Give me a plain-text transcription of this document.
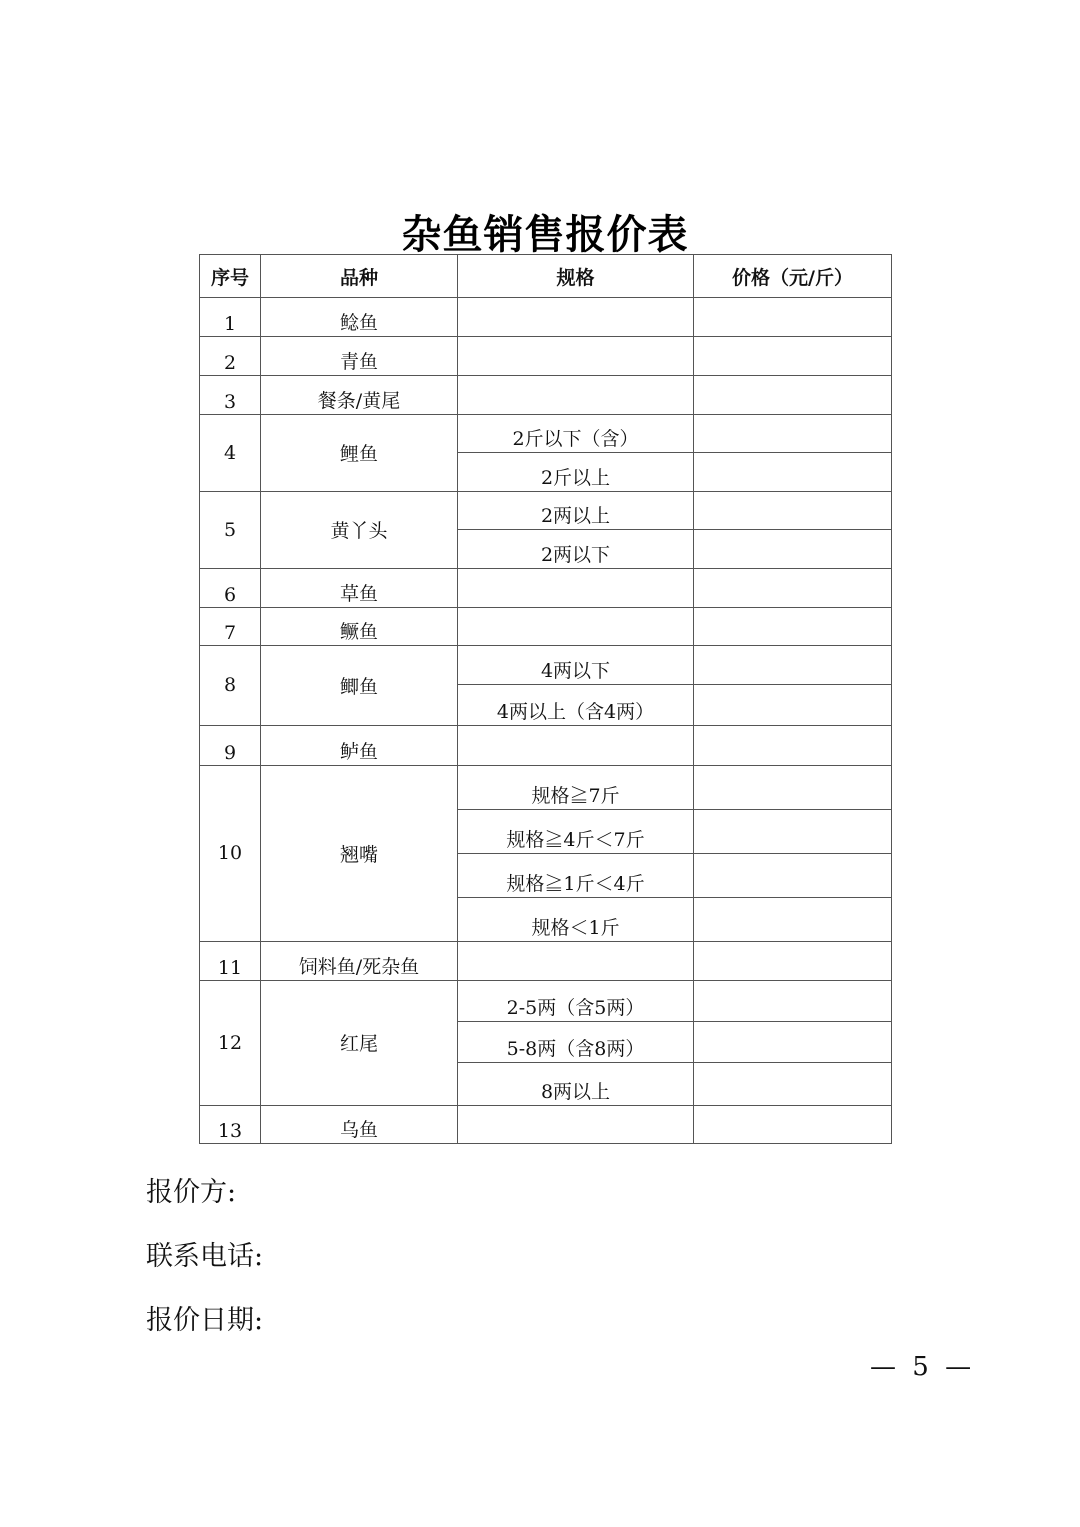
杂鱼销售报价表
序号	品种	规格	价格（元/斤）
1	鲶鱼		
2	青鱼		
3	餐条/黄尾		
4	鲤鱼	2斤以下（含）	
		2斤以上	
5	黄丫头	2两以上	
		2两以下	
6	草鱼		
7	鳜鱼		
8	鲫鱼	4两以下	
		4两以上（含4两）	
9	鲈鱼		
10	翘嘴	规格≧7斤	
		规格≧4斤＜7斤	
		规格≧1斤＜4斤	
		规格＜1斤	
11	饲料鱼/死杂鱼		
12	红尾	2-5两（含5两）	
		5-8两（含8两）	
		8两以上	
13	乌鱼		
报价方:
联系电话:
报价日期:
— 5 —
